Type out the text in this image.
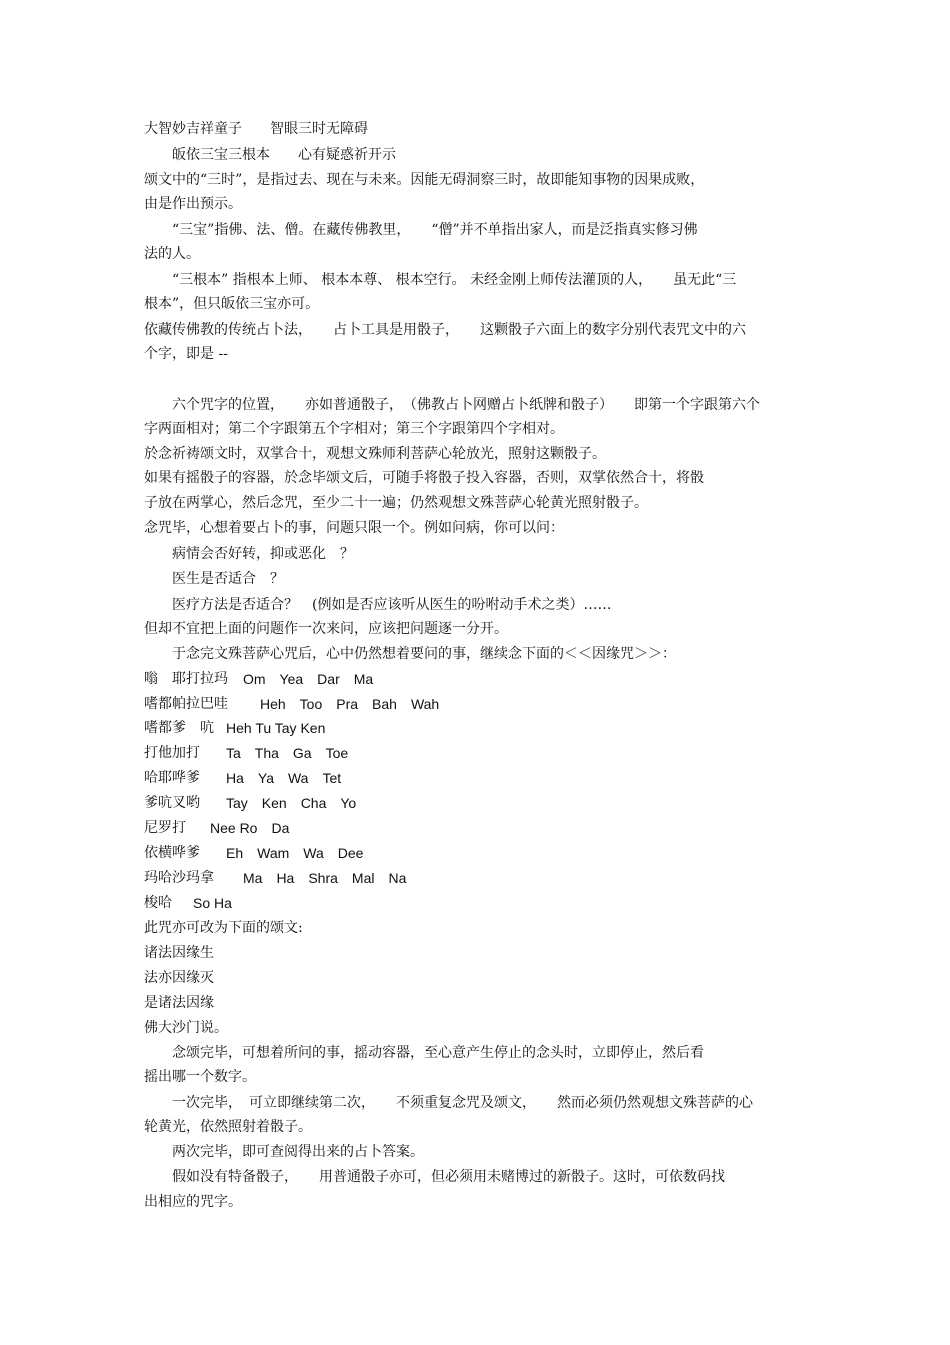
大智妙吉祥童子　　智眼三时无障碍
　　皈依三宝三根本　　心有疑惑祈开示
颂文中的“三时”，是指过去、现在与未来。因能无碍洞察三时，故即能知事物的因果成败，
由是作出预示。
　　“三宝”指佛、法、僧。在藏传佛教里，　　“僧”并不单指出家人，而是泛指真实修习佛
法的人。
　　“三根本” 指根本上师、 根本本尊、 根本空行。 未经金刚上师传法灌顶的人，　　虽无此“三
根本”，但只皈依三宝亦可。
依藏传佛教的传统占卜法，　　占卜工具是用骰子，　　这颗骰子六面上的数字分别代表咒文中的六
个字，即是 --
　　六个咒字的位置，　　亦如普通骰子，　（佛教占卜网赠占卜纸牌和骰子）　　即第一个字跟第六个
字两面相对；第二个字跟第五个字相对；第三个字跟第四个字相对。
於念祈祷颂文时，双掌合十，观想文殊师利菩萨心轮放光，照射这颗骰子。
如果有摇骰子的容器，於念毕颂文后，可随手将骰子投入容器，否则，双掌依然合十，将骰
子放在两掌心，然后念咒，至少二十一遍；仍然观想文殊菩萨心轮黄光照射骰子。
念咒毕，心想着要占卜的事，问题只限一个。例如问病，你可以问：
　　病情会否好转，抑或恶化　？
　　医生是否适合　？
　　医疗方法是否适合？　(例如是否应该听从医生的吩咐动手术之类）……
但却不宜把上面的问题作一次来问，应该把问题逐一分开。
　　于念完文殊菩萨心咒后，心中仍然想着要问的事，继续念下面的＜＜因缘咒＞＞：
嗡　耶打拉玛 Om　Yea　Dar　Ma
嗜都帕拉巴哇 Heh　Too　Pra　Bah　Wah
嗜都爹　吭 Heh Tu Tay Ken
打他加打 Ta　Tha　Ga　Toe
哈耶哗爹 Ha　Ya　Wa　Tet
爹吭叉哟 Tay　Ken　Cha　Yo
尼罗打 Nee Ro　Da
依横哗爹 Eh　Wam　Wa　Dee
玛哈沙玛拿 Ma　Ha　Shra　Mal　Na
梭哈 So Ha
此咒亦可改为下面的颂文:
诸法因缘生
法亦因缘灭
是诸法因缘
佛大沙门说。
　　念颂完毕，可想着所问的事，摇动容器，至心意产生停止的念头时，立即停止，然后看
摇出哪一个数字。
　　一次完毕，　可立即继续第二次，　　不须重复念咒及颂文，　　然而必须仍然观想文殊菩萨的心
轮黄光，依然照射着骰子。
　　两次完毕，即可查阅得出来的占卜答案。
　　假如没有特备骰子，　　用普通骰子亦可，但必须用未赌博过的新骰子。这时，可依数码找
出相应的咒字。
